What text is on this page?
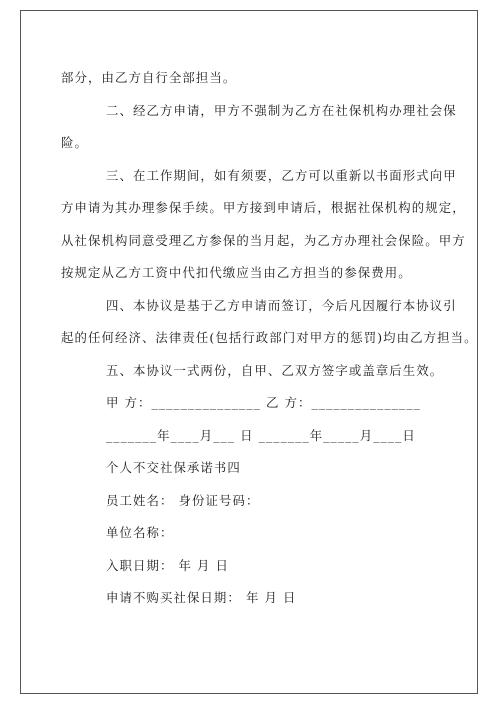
部分，由乙方自行全部担当。

二、经乙方申请，甲方不强制为乙方在社保机构办理社会保

险。

三、在工作期间，如有须要，乙方可以重新以书面形式向甲

方申请为其办理参保手续。甲方接到申请后，根据社保机构的规定，

从社保机构同意受理乙方参保的当月起，为乙方办理社会保险。甲方

按规定从乙方工资中代扣代缴应当由乙方担当的参保费用。

四、本协议是基于乙方申请而签订，今后凡因履行本协议引

起的任何经济、法律责任(包括行政部门对甲方的惩罚)均由乙方担当。

五、本协议一式两份，自甲、乙双方签字或盖章后生效。

甲 方：_______________ 乙 方：_______________

_______年____月___ 日 _______年_____月____日

个人不交社保承诺书四

员工姓名： 身份证号码：

单位名称：

入职日期： 年 月 日

申请不购买社保日期： 年 月 日
